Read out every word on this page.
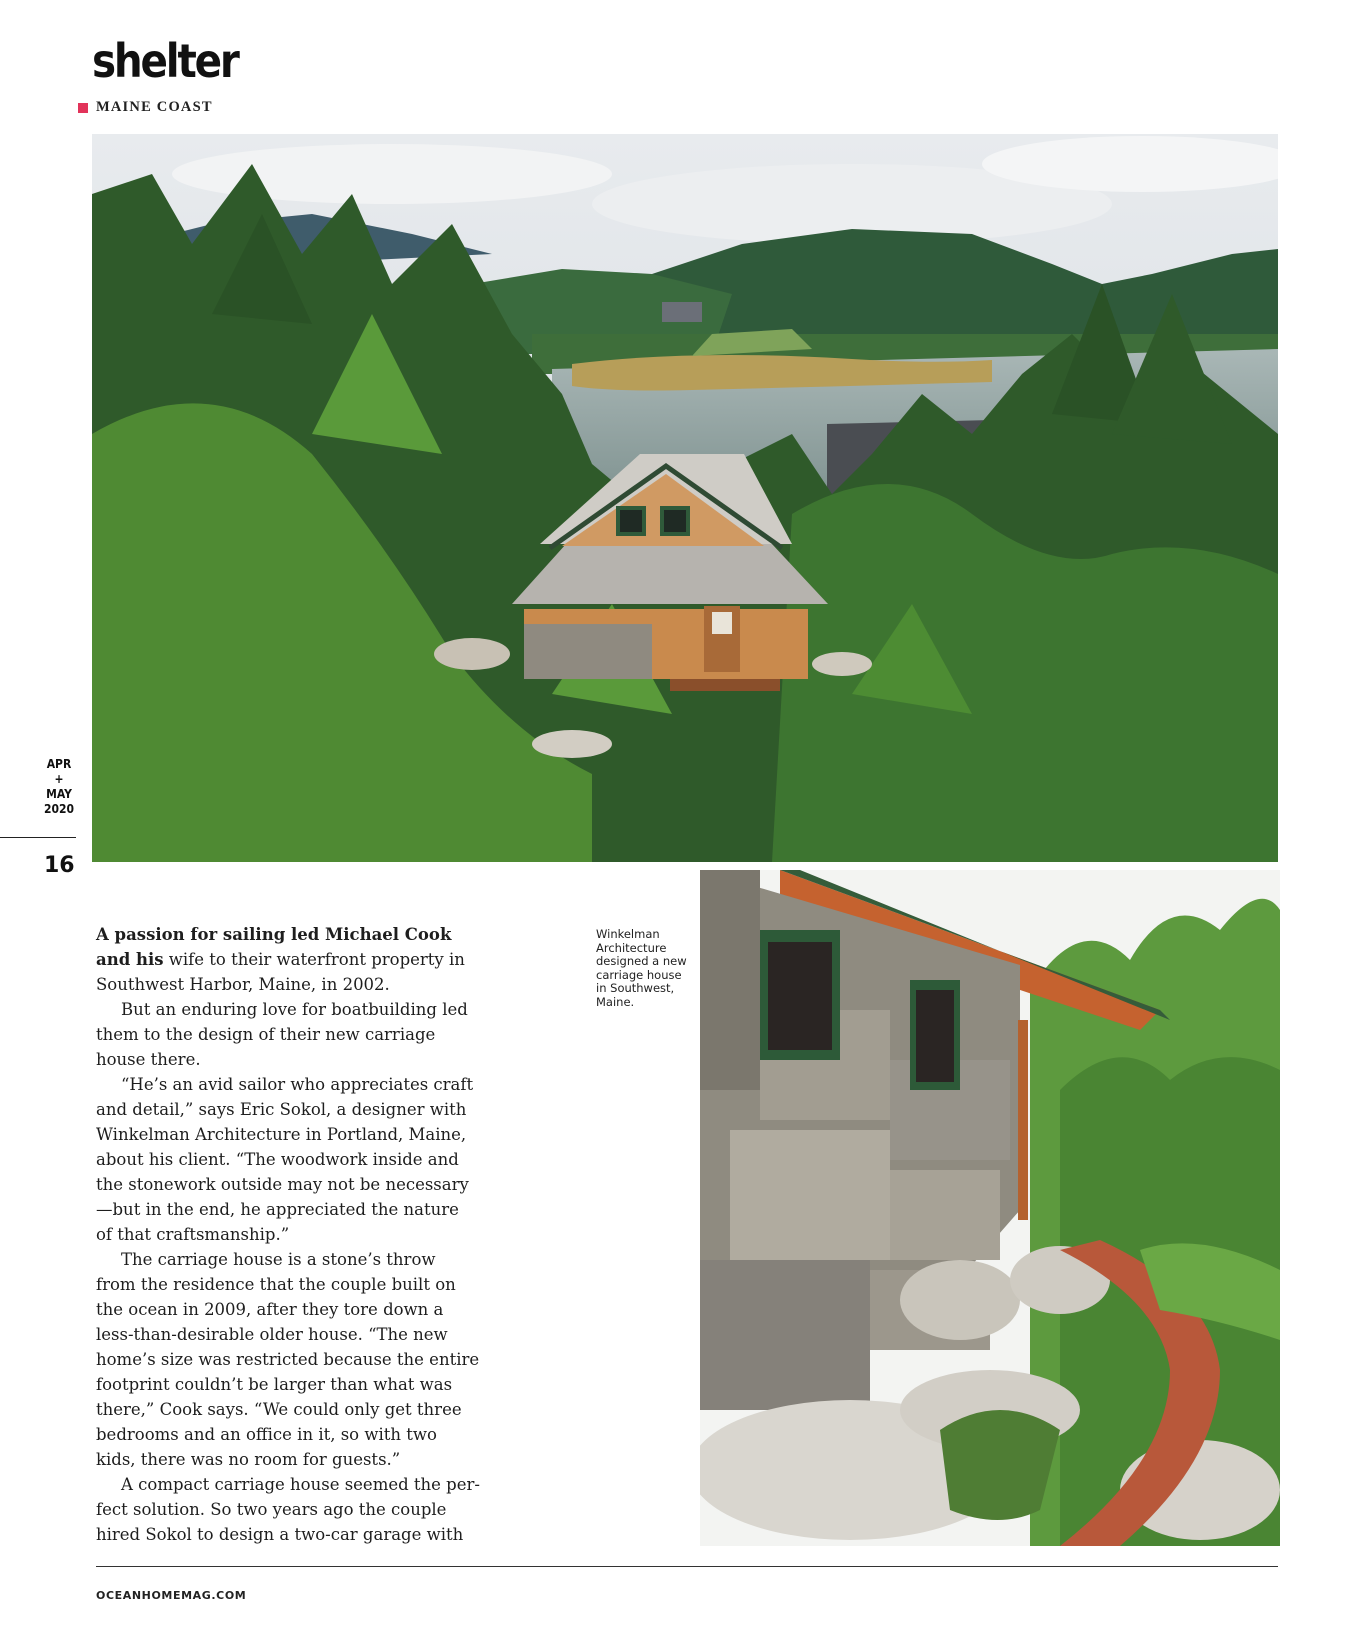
shelter
MAINE COAST
APR
+
MAY
2020
16
Winkelman Architecture designed a new carriage house in Southwest, Maine.

A passion for sailing led Michael Cook and his wife to their waterfront property in Southwest Harbor, Maine, in 2002.

But an enduring love for boatbuilding led them to the design of their new carriage house there.

“He’s an avid sailor who appreciates craft and detail,” says Eric Sokol, a designer with Winkelman Architecture in Portland, Maine, about his client. “The woodwork inside and the stonework outside may not be necessary—but in the end, he appreciated the nature of that craftsmanship.”

The carriage house is a stone’s throw from the residence that the couple built on the ocean in 2009, after they tore down a less-than-desirable older house. “The new home’s size was restricted because the entire footprint couldn’t be larger than what was there,” Cook says. “We could only get three bedrooms and an office in it, so with two kids, there was no room for guests.”

A compact carriage house seemed the perfect solution. So two years ago the couple hired Sokol to design a two-car garage with

OCEANHOMEMAG.COM
